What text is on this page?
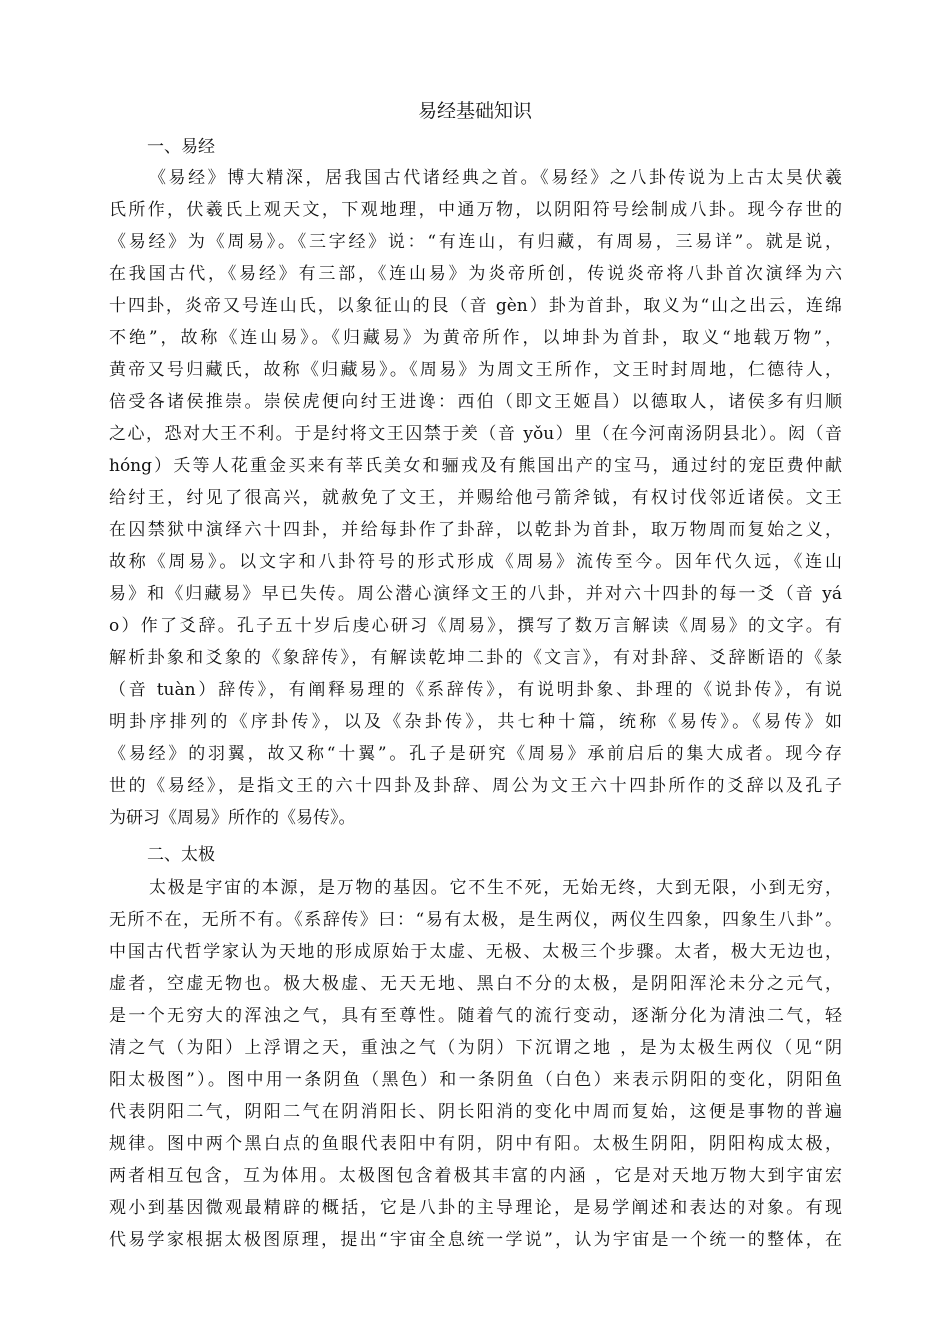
易经基础知识
一、易经
《易经》博大精深，居我国古代诸经典之首。《易经》之八卦传说为上古太昊伏羲
氏所作，伏羲氏上观天文，下观地理，中通万物，以阴阳符号绘制成八卦。现今存世的
《易经》为《周易》。《三字经》说：“有连山，有归藏，有周易，三易详”。就是说，
在我国古代，《易经》有三部，《连山易》为炎帝所创，传说炎帝将八卦首次演绎为六
十四卦，炎帝又号连山氏，以象征山的艮（音 gèn）卦为首卦，取义为“山之出云，连绵
不绝”，故称《连山易》。《归藏易》为黄帝所作，以坤卦为首卦，取义“地载万物”，
黄帝又号归藏氏，故称《归藏易》。《周易》为周文王所作，文王时封周地，仁德待人，
倍受各诸侯推崇。崇侯虎便向纣王进谗：西伯（即文王姬昌）以德取人，诸侯多有归顺
之心，恐对大王不利。于是纣将文王囚禁于羑（音 yǒu）里（在今河南汤阴县北）。闳（音
hóng）夭等人花重金买来有莘氏美女和骊戎及有熊国出产的宝马，通过纣的宠臣费仲献
给纣王，纣见了很高兴，就赦免了文王，并赐给他弓箭斧钺，有权讨伐邻近诸侯。文王
在囚禁狱中演绎六十四卦，并给每卦作了卦辞，以乾卦为首卦，取万物周而复始之义，
故称《周易》。以文字和八卦符号的形式形成《周易》流传至今。因年代久远，《连山
易》和《归藏易》早已失传。周公潜心演绎文王的八卦，并对六十四卦的每一爻（音 yá
o）作了爻辞。孔子五十岁后虔心研习《周易》，撰写了数万言解读《周易》的文字。有
解析卦象和爻象的《象辞传》，有解读乾坤二卦的《文言》，有对卦辞、爻辞断语的《彖
（音 tuàn）辞传》，有阐释易理的《系辞传》，有说明卦象、卦理的《说卦传》，有说
明卦序排列的《序卦传》，以及《杂卦传》，共七种十篇，统称《易传》。《易传》如
《易经》的羽翼，故又称“十翼”。孔子是研究《周易》承前启后的集大成者。现今存
世的《易经》，是指文王的六十四卦及卦辞、周公为文王六十四卦所作的爻辞以及孔子
为研习《周易》所作的《易传》。
二、太极
太极是宇宙的本源，是万物的基因。它不生不死，无始无终，大到无限，小到无穷，
无所不在，无所不有。《系辞传》曰：“易有太极，是生两仪，两仪生四象，四象生八卦”。
中国古代哲学家认为天地的形成原始于太虚、无极、太极三个步骤。太者，极大无边也，
虚者，空虚无物也。极大极虚、无天无地、黑白不分的太极，是阴阳浑沦未分之元气，
是一个无穷大的浑浊之气，具有至尊性。随着气的流行变动，逐渐分化为清浊二气，轻
清之气（为阳）上浮谓之天，重浊之气（为阴）下沉谓之地 ，是为太极生两仪（见“阴
阳太极图”）。图中用一条阴鱼（黑色）和一条阴鱼（白色）来表示阴阳的变化，阴阳鱼
代表阴阳二气，阴阳二气在阴消阳长、阴长阳消的变化中周而复始，这便是事物的普遍
规律。图中两个黑白点的鱼眼代表阳中有阴，阴中有阳。太极生阴阳，阴阳构成太极，
两者相互包含，互为体用。太极图包含着极其丰富的内涵 ，它是对天地万物大到宇宙宏
观小到基因微观最精辟的概括，它是八卦的主导理论，是易学阐述和表达的对象。有现
代易学家根据太极图原理，提出“宇宙全息统一学说”，认为宇宙是一个统一的整体，在
